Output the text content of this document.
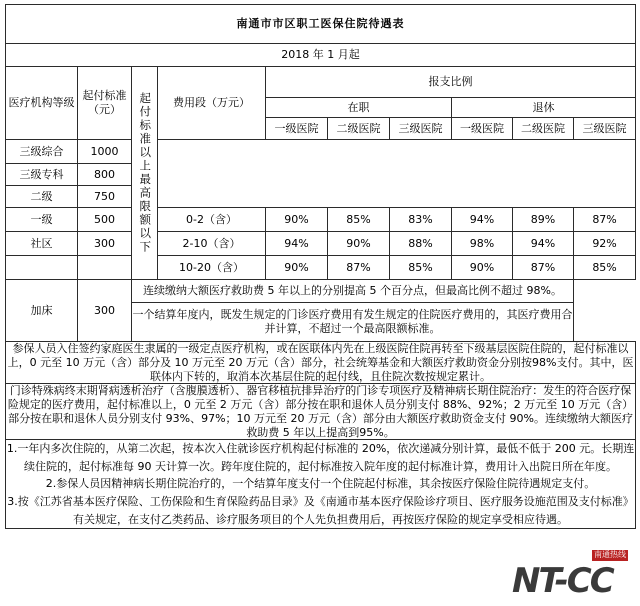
南通市市区职工医保住院待遇表									
2018 年 1 月起									
医疗机构等级	起付标准（元）	起付标准以上最高限额以下	费用段（万元）	报支比例					
				在职			退休		
				一级医院	二级医院	三级医院	一级医院	二级医院	三级医院
三级综合	1000								
三级专科	800								
二级	750								
一级	500		0-2（含）	90%	85%	83%	94%	89%	87%
社区	300		2-10（含）	94%	90%	88%	98%	94%	92%
			10-20（含）	90%	87%	85%	90%	87%	85%
加床	300	连续缴纳大额医疗救助费 5 年以上的分别提高 5 个百分点，但最高比例不超过 98%。							
		一个结算年度内，既发生规定的门诊医疗费用有发生规定的住院医疗费用的，其医疗费用合并计算，不超过一个最高限额标准。							
参保人员入住签约家庭医生隶属的一级定点医疗机构，或在医联体内先在上级医院住院再转至下级基层医院住院的，起付标准以上，0 元至 10 万元（含）部分及 10 万元至 20 万元（含）部分，社会统筹基金和大额医疗救助资金分别按98%支付。其中，医联体内下转的，取消本次基层住院的起付线，且住院次数按规定累计。									
门诊特殊病终末期肾病透析治疗（含腹膜透析）、器官移植抗排异治疗的门诊专项医疗及精神病长期住院治疗：发生的符合医疗保险规定的医疗费用，起付标准以上，0 元至 2 万元（含）部分按在职和退休人员分别支付 88%、92%；2 万元至 10 万元（含）部分按在职和退休人员分别支付 93%、97%；10 万元至 20 万元（含）部分由大额医疗救助资金支付 90%。连续缴纳大额医疗救助费 5 年以上提高到95%。									

1.一年内多次住院的，从第二次起，按本次入住就诊医疗机构起付标准的 20%，依次递减分别计算，最低不低于 200 元。长期连续住院的，起付标准每 90 天计算一次。跨年度住院的，起付标准按入院年度的起付标准计算，费用计入出院日所在年度。
2.参保人员因精神病长期住院治疗的，一个结算年度支付一个住院起付标准，其余按医疗保险住院待遇规定支付。
3.按《江苏省基本医疗保险、工伤保险和生育保险药品目录》及《南通市基本医疗保险诊疗项目、医疗服务设施范围及支付标准》有关规定，在支付乙类药品、诊疗服务项目的个人先负担费用后，再按医疗保险的规定享受相应待遇。									
南通热线
NT-CC
